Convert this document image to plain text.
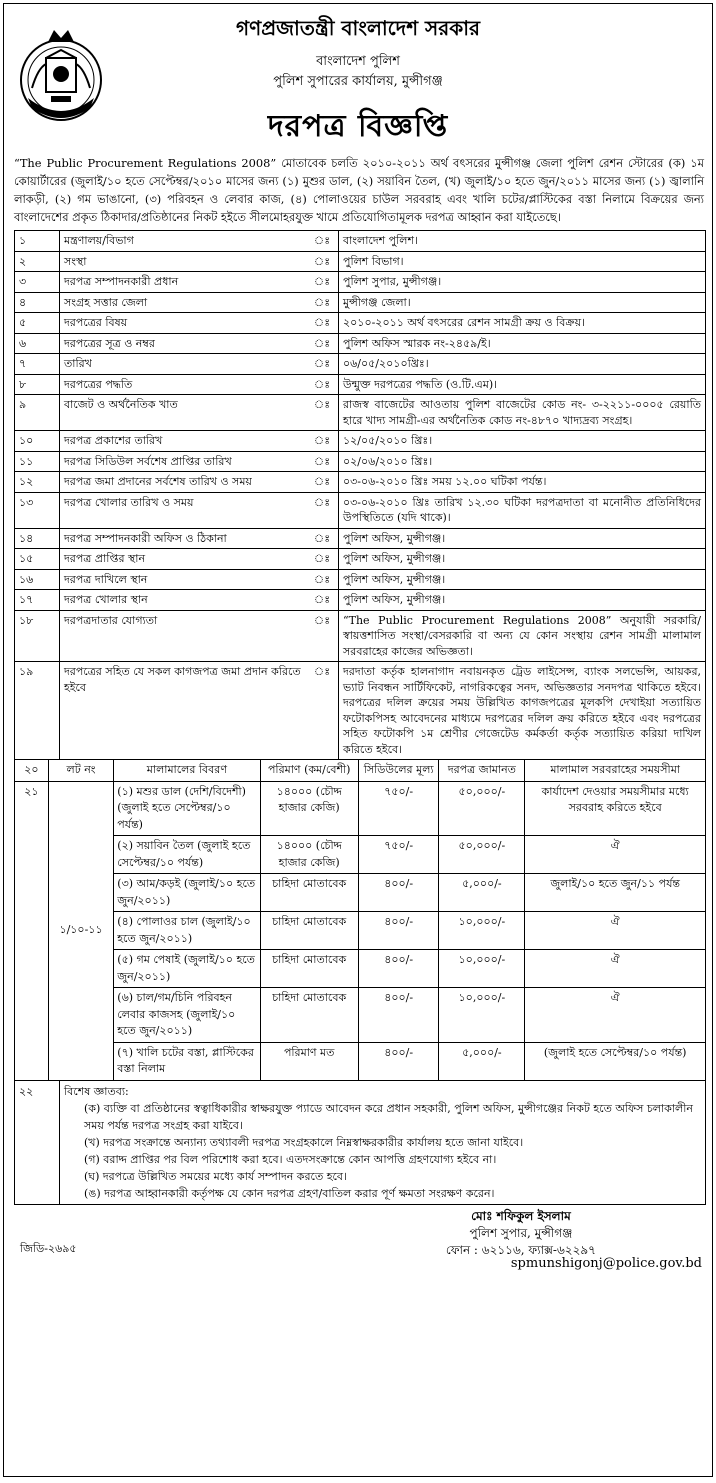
গণপ্রজাতন্ত্রী বাংলাদেশ সরকার
বাংলাদেশ পুলিশ
পুলিশ সুপারের কার্যালয়, মুন্সীগঞ্জ
দরপত্র বিজ্ঞপ্তি
“The Public Procurement Regulations 2008” মোতাবেক চলতি ২০১০-২০১১ অর্থ বৎসরের মুন্সীগঞ্জ জেলা পুলিশ রেশন স্টোরের (ক) ১ম কোয়ার্টারের (জুলাই/১০ হতে সেপ্টেম্বর/২০১০ মাসের জন্য (১) মুশুর ডাল, (২) সয়াবিন তৈল, (খ) জুলাই/১০ হতে জুন/২০১১ মাসের জন্য (১) জ্বালানি লাকড়ী, (২) গম ভাঙানো, (৩) পরিবহন ও লেবার কাজ, (৪) পোলাওয়ের চাউল সরবরাহ এবং খালি চটের/প্লাস্টিকের বস্তা নিলামে বিক্রয়ের জন্য বাংলাদেশের প্রকৃত ঠিকাদার/প্রতিষ্ঠানের নিকট হইতে সীলমোহরযুক্ত খামে প্রতিযোগিতামূলক দরপত্র আহ্বান করা যাইতেছে।
১	মন্ত্রণালয়/বিভাগ	ঃ	বাংলাদেশ পুলিশ।
২	সংস্থা	ঃ	পুলিশ বিভাগ।
৩	দরপত্র সম্পাদনকারী প্রধান	ঃ	পুলিশ সুপার, মুন্সীগঞ্জ।
৪	সংগ্রহ সত্তার জেলা	ঃ	মুন্সীগঞ্জ জেলা।
৫	দরপত্রের বিষয়	ঃ	২০১০-২০১১ অর্থ বৎসরের রেশন সামগ্রী ক্রয় ও বিক্রয়।
৬	দরপত্রের সূত্র ও নম্বর	ঃ	পুলিশ অফিস স্মারক নং-২৪৫৯/ই।
৭	তারিখ	ঃ	০৬/০৫/২০১০খ্রিঃ।
৮	দরপত্রের পদ্ধতি	ঃ	উন্মুক্ত দরপত্রের পদ্ধতি (ও.টি.এম)।
৯	বাজেট ও অর্থনৈতিক খাত	ঃ	রাজস্ব বাজেটের আওতায় পুলিশ বাজেটের কোড নং- ৩-২২১১-০০০৫ রেয়াতি হারে খাদ্য সামগ্রী-এর অর্থনৈতিক কোড নং-৪৮৭০ খাদ্যদ্রব্য সংগ্রহ।
১০	দরপত্র প্রকাশের তারিখ	ঃ	১২/০৫/২০১০ খ্রিঃ।
১১	দরপত্র সিডিউল সর্বশেষ প্রাপ্তির তারিখ	ঃ	০২/০৬/২০১০ খ্রিঃ।
১২	দরপত্র জমা প্রদানের সর্বশেষ তারিখ ও সময়	ঃ	০৩-০৬-২০১০ খ্রিঃ সময় ১২.০০ ঘটিকা পর্যন্ত।
১৩	দরপত্র খোলার তারিখ ও সময়	ঃ	০৩-০৬-২০১০ খ্রিঃ তারিখ ১২.৩০ ঘটিকা দরপত্রদাতা বা মনোনীত প্রতিনিধিদের উপস্থিতিতে (যদি থাকে)।
১৪	দরপত্র সম্পাদনকারী অফিস ও ঠিকানা	ঃ	পুলিশ অফিস, মুন্সীগঞ্জ।
১৫	দরপত্র প্রাপ্তির স্থান	ঃ	পুলিশ অফিস, মুন্সীগঞ্জ।
১৬	দরপত্র দাখিলে স্থান	ঃ	পুলিশ অফিস, মুন্সীগঞ্জ।
১৭	দরপত্র খোলার স্থান	ঃ	পুলিশ অফিস, মুন্সীগঞ্জ।
১৮	দরপত্রদাতার যোগ্যতা	ঃ	“The Public Procurement Regulations 2008” অনুযায়ী সরকারি/স্বায়ত্তশাসিত সংস্থা/বেসরকারি বা অন্য যে কোন সংস্থায় রেশন সামগ্রী মালামাল সরবরাহের কাজের অভিজ্ঞতা।
১৯	দরপত্রের সহিত যে সকল কাগজপত্র জমা প্রদান করিতে হইবে	ঃ	দরদাতা কর্তৃক হালনাগাদ নবায়নকৃত ট্রেড লাইসেন্স, ব্যাংক সলভেন্সি, আয়কর, ভ্যাট নিবন্ধন সার্টিফিকেট, নাগরিকত্বের সনদ, অভিজ্ঞতার সনদপত্র থাকিতে হইবে। দরপত্রের দলিল ক্রয়ের সময় উল্লিখিত কাগজপত্রের মূলকপি দেখাইয়া সত্যায়িত ফটোকপিসহ আবেদনের মাধ্যমে দরপত্রের দলিল ক্রয় করিতে হইবে এবং দরপত্রের সহিত ফটোকপি ১ম শ্রেণীর গেজেটেড কর্মকর্তা কর্তৃক সত্যায়িত করিয়া দাখিল করিতে হইবে।
২০	লট নং	মালামালের বিবরণ	পরিমাণ (কম/বেশী)	সিডিউলের মূল্য	দরপত্র জামানত	মালামাল সরবরাহের সময়সীমা
২১	১/১০-১১	(১) মশুর ডাল (দেশি/বিদেশী) (জুলাই হতে সেপ্টেম্বর/১০ পর্যন্ত)	১৪০০০ (চৌদ্দ হাজার কেজি)	৭৫০/-	৫০,০০০/-	কার্যাদেশ দেওয়ার সময়সীমার মধ্যে সরবরাহ করিতে হইবে
		(২) সয়াবিন তৈল (জুলাই হতে সেপ্টেম্বর/১০ পর্যন্ত)	১৪০০০ (চৌদ্দ হাজার কেজি)	৭৫০/-	৫০,০০০/-	ঐ
		(৩) আম/কড়ই (জুলাই/১০ হতে জুন/২০১১)	চাহিদা মোতাবেক	৪০০/-	৫,০০০/-	জুলাই/১০ হতে জুন/১১ পর্যন্ত
		(৪) পোলাওর চাল (জুলাই/১০ হতে জুন/২০১১)	চাহিদা মোতাবেক	৪০০/-	১০,০০০/-	ঐ
		(৫) গম পেষাই (জুলাই/১০ হতে জুন/২০১১)	চাহিদা মোতাবেক	৪০০/-	১০,০০০/-	ঐ
		(৬) চাল/গম/চিনি পরিবহন লেবার কাজসহ (জুলাই/১০ হতে জুন/২০১১)	চাহিদা মোতাবেক	৪০০/-	১০,০০০/-	ঐ
		(৭) খালি চটের বস্তা, প্লাস্টিকের বস্তা নিলাম	পরিমাণ মত	৪০০/-	৫,০০০/-	(জুলাই হতে সেপ্টেম্বর/১০ পর্যন্ত)
২২	বিশেষ জ্ঞাতব্য:
(ক) ব্যক্তি বা প্রতিষ্ঠানের স্বত্বাধিকারীর স্বাক্ষরযুক্ত প্যাডে আবেদন করে প্রধান সহকারী, পুলিশ অফিস, মুন্সীগঞ্জের নিকট হতে অফিস চলাকালীন সময় পর্যন্ত দরপত্র সংগ্রহ করা যাইবে।
(খ) দরপত্র সংক্রান্তে অন্যান্য তথ্যাবলী দরপত্র সংগ্রহকালে নিম্নস্বাক্ষরকারীর কার্যালয় হতে জানা যাইবে।
(গ) বরাদ্দ প্রাপ্তির পর বিল পরিশোধ করা হবে। এতদসংক্রান্তে কোন আপত্তি গ্রহণযোগ্য হইবে না।
(ঘ) দরপত্রে উল্লিখিত সময়ের মধ্যে কার্য সম্পাদন করতে হবে।
(ঙ) দরপত্র আহ্বানকারী কর্তৃপক্ষ যে কোন দরপত্র গ্রহণ/বাতিল করার পূর্ণ ক্ষমতা সংরক্ষণ করেন।
মোঃ শফিকুল ইসলাম
পুলিশ সুপার, মুন্সীগঞ্জ
ফোন : ৬২১১৬, ফ্যাক্স-৬২২৯৭
জিডি-২৬৯৫
spmunshigonj@police.gov.bd
